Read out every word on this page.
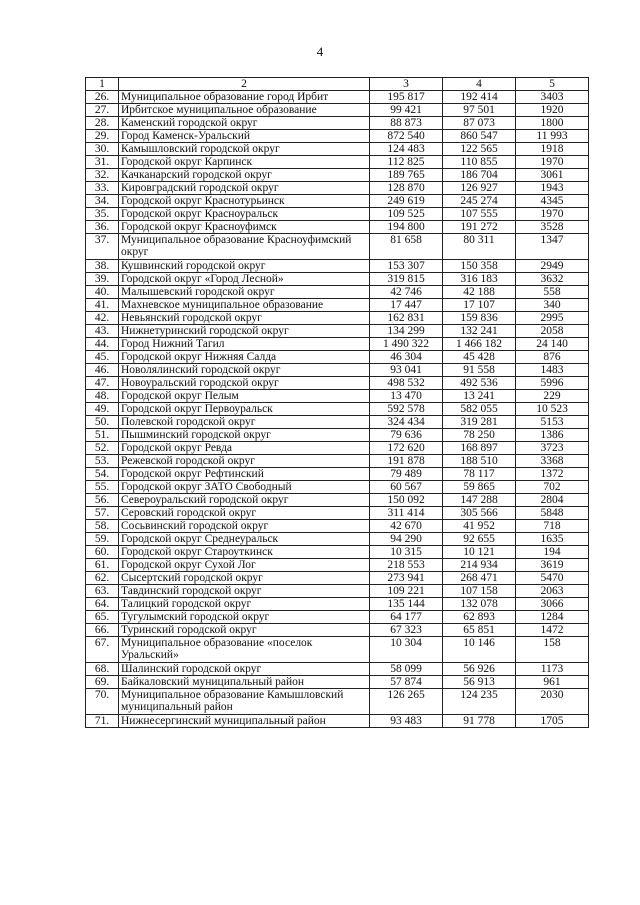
4
1	2	3	4	5
26.	Муниципальное образование город Ирбит	195 817	192 414	3403
27.	Ирбитское муниципальное образование	99 421	97 501	1920
28.	Каменский городской округ	88 873	87 073	1800
29.	Город Каменск-Уральский	872 540	860 547	11 993
30.	Камышловский городской округ	124 483	122 565	1918
31.	Городской округ Карпинск	112 825	110 855	1970
32.	Качканарский городской округ	189 765	186 704	3061
33.	Кировградский городской округ	128 870	126 927	1943
34.	Городской округ Краснотурьинск	249 619	245 274	4345
35.	Городской округ Красноуральск	109 525	107 555	1970
36.	Городской округ Красноуфимск	194 800	191 272	3528
37.	Муниципальное образование Красноуфимский округ	81 658	80 311	1347
38.	Кушвинский городской округ	153 307	150 358	2949
39.	Городской округ «Город Лесной»	319 815	316 183	3632
40.	Малышевский городской округ	42 746	42 188	558
41.	Махневское муниципальное образование	17 447	17 107	340
42.	Невьянский городской округ	162 831	159 836	2995
43.	Нижнетуринский городской округ	134 299	132 241	2058
44.	Город Нижний Тагил	1 490 322	1 466 182	24 140
45.	Городской округ Нижняя Салда	46 304	45 428	876
46.	Новолялинский городской округ	93 041	91 558	1483
47.	Новоуральский городской округ	498 532	492 536	5996
48.	Городской округ Пелым	13 470	13 241	229
49.	Городской округ Первоуральск	592 578	582 055	10 523
50.	Полевской городской округ	324 434	319 281	5153
51.	Пышминский городской округ	79 636	78 250	1386
52.	Городской округ Ревда	172 620	168 897	3723
53.	Режевской городской округ	191 878	188 510	3368
54.	Городской округ Рефтинский	79 489	78 117	1372
55.	Городской округ ЗАТО Свободный	60 567	59 865	702
56.	Североуральский городской округ	150 092	147 288	2804
57.	Серовский городской округ	311 414	305 566	5848
58.	Сосьвинский городской округ	42 670	41 952	718
59.	Городской округ Среднеуральск	94 290	92 655	1635
60.	Городской округ Староуткинск	10 315	10 121	194
61.	Городской округ Сухой Лог	218 553	214 934	3619
62.	Сысертский городской округ	273 941	268 471	5470
63.	Тавдинский городской округ	109 221	107 158	2063
64.	Талицкий городской округ	135 144	132 078	3066
65.	Тугулымский городской округ	64 177	62 893	1284
66.	Туринский городской округ	67 323	65 851	1472
67.	Муниципальное образование «поселок Уральский»	10 304	10 146	158
68.	Шалинский городской округ	58 099	56 926	1173
69.	Байкаловский муниципальный район	57 874	56 913	961
70.	Муниципальное образование Камышловский муниципальный район	126 265	124 235	2030
71.	Нижнесергинский муниципальный район	93 483	91 778	1705
